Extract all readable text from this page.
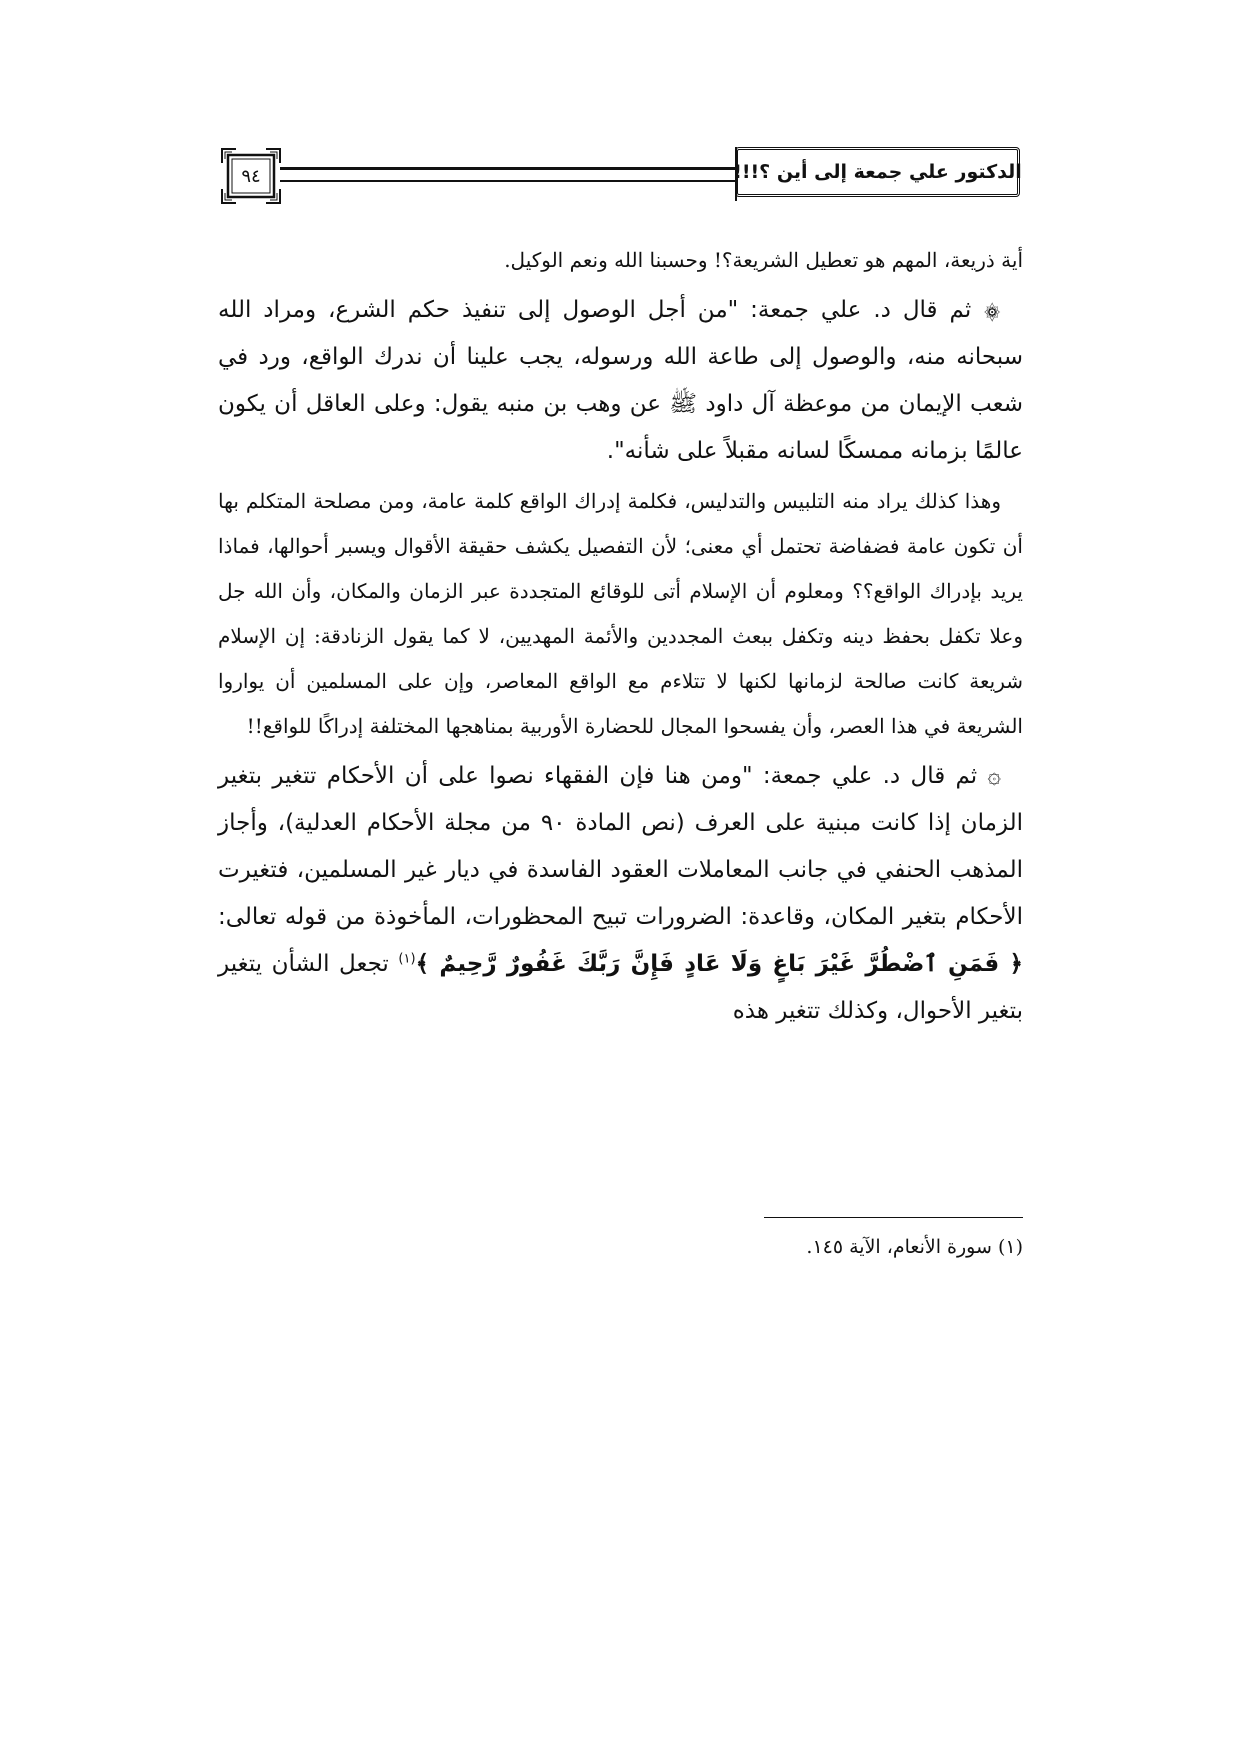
٩٤	الدكتور علي جمعة إلى أين ؟!!!

أية ذريعة، المهم هو تعطيل الشريعة؟! وحسبنا الله ونعم الوكيل.

۞ ثم قال د. علي جمعة: "من أجل الوصول إلى تنفيذ حكم الشرع، ومراد الله سبحانه منه، والوصول إلى طاعة الله ورسوله، يجب علينا أن ندرك الواقع، ورد في شعب الإيمان من موعظة آل داود ﷺ عن وهب بن منبه يقول: وعلى العاقل أن يكون عالمًا بزمانه ممسكًا لسانه مقبلاً على شأنه".

وهذا كذلك يراد منه التلبيس والتدليس، فكلمة إدراك الواقع كلمة عامة، ومن مصلحة المتكلم بها أن تكون عامة فضفاضة تحتمل أي معنى؛ لأن التفصيل يكشف حقيقة الأقوال ويسبر أحوالها، فماذا يريد بإدراك الواقع؟؟ ومعلوم أن الإسلام أتى للوقائع المتجددة عبر الزمان والمكان، وأن الله جل وعلا تكفل بحفظ دينه وتكفل ببعث المجددين والأئمة المهديين، لا كما يقول الزنادقة: إن الإسلام شريعة كانت صالحة لزمانها لكنها لا تتلاءم مع الواقع المعاصر، وإن على المسلمين أن يواروا الشريعة في هذا العصر، وأن يفسحوا المجال للحضارة الأوربية بمناهجها المختلفة إدراكًا للواقع!!

۞ ثم قال د. علي جمعة: "ومن هنا فإن الفقهاء نصوا على أن الأحكام تتغير بتغير الزمان إذا كانت مبنية على العرف (نص المادة ٩٠ من مجلة الأحكام العدلية)، وأجاز المذهب الحنفي في جانب المعاملات العقود الفاسدة في ديار غير المسلمين، فتغيرت الأحكام بتغير المكان، وقاعدة: الضرورات تبيح المحظورات، المأخوذة من قوله تعالى: ﴿ فَمَنِ ٱضْطُرَّ غَيْرَ بَاغٍ وَلَا عَادٍ فَإِنَّ رَبَّكَ غَفُورٌ رَّحِيمٌ ﴾$^{(١)}$ تجعل الشأن يتغير بتغير الأحوال، وكذلك تتغير هذه

(١) سورة الأنعام، الآية ١٤٥.
